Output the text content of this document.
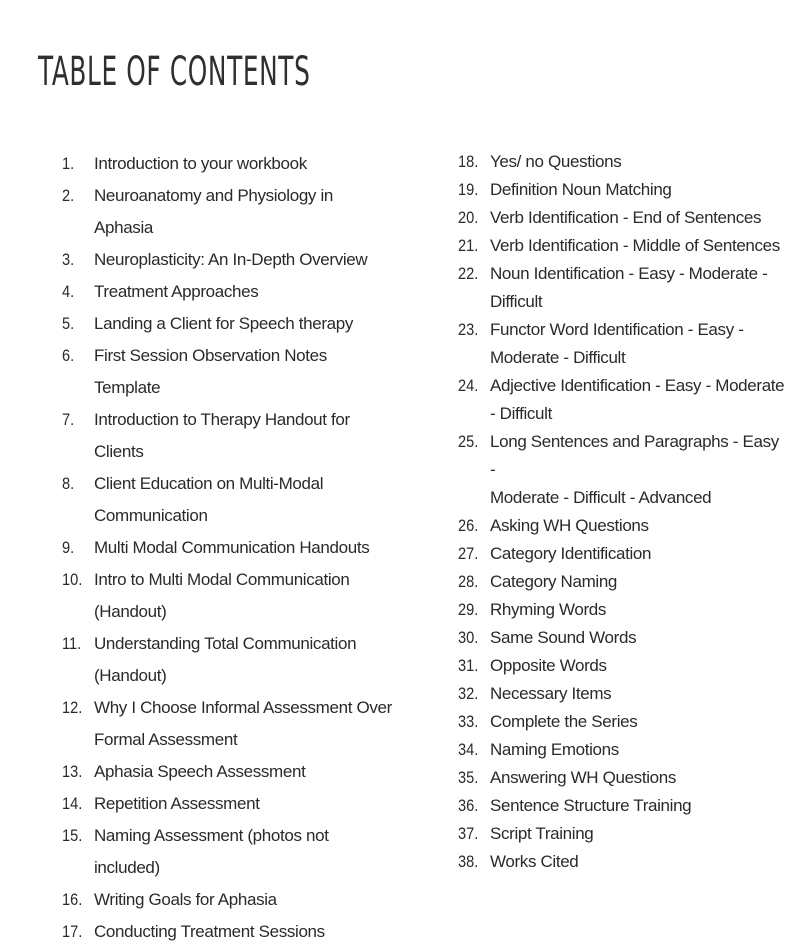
TABLE OF CONTENTS
1.	Introduction to your workbook
2.	Neuroanatomy and Physiology in Aphasia
3.	Neuroplasticity: An In-Depth Overview
4.	Treatment Approaches
5.	Landing a Client for Speech therapy
6.	First Session Observation Notes Template
7.	Introduction to Therapy Handout for
Clients
8.	Client Education on Multi-Modal
Communication
9.	Multi Modal Communication Handouts
10. Intro to Multi Modal Communication
(Handout)
11. Understanding Total Communication
(Handout)
12. Why I Choose Informal Assessment Over
Formal Assessment
13. Aphasia Speech Assessment
14. Repetition Assessment
15. Naming Assessment (photos not
included)
16. Writing Goals for Aphasia
17. Conducting Treatment Sessions
18. Yes/ no Questions
19. Definition Noun Matching
20. Verb Identification - End of Sentences
21. Verb Identification - Middle of Sentences
22. Noun Identification - Easy - Moderate -
Difficult
23. Functor Word Identification - Easy -
Moderate - Difficult
24. Adjective Identification - Easy - Moderate
- Difficult
25. Long Sentences and Paragraphs - Easy -
Moderate - Difficult - Advanced
26. Asking WH Questions
27. Category Identification
28. Category Naming
29. Rhyming Words
30. Same Sound Words
31. Opposite Words
32. Necessary Items
33. Complete the Series
34. Naming Emotions
35. Answering WH Questions
36. Sentence Structure Training
37. Script Training
38. Works Cited
